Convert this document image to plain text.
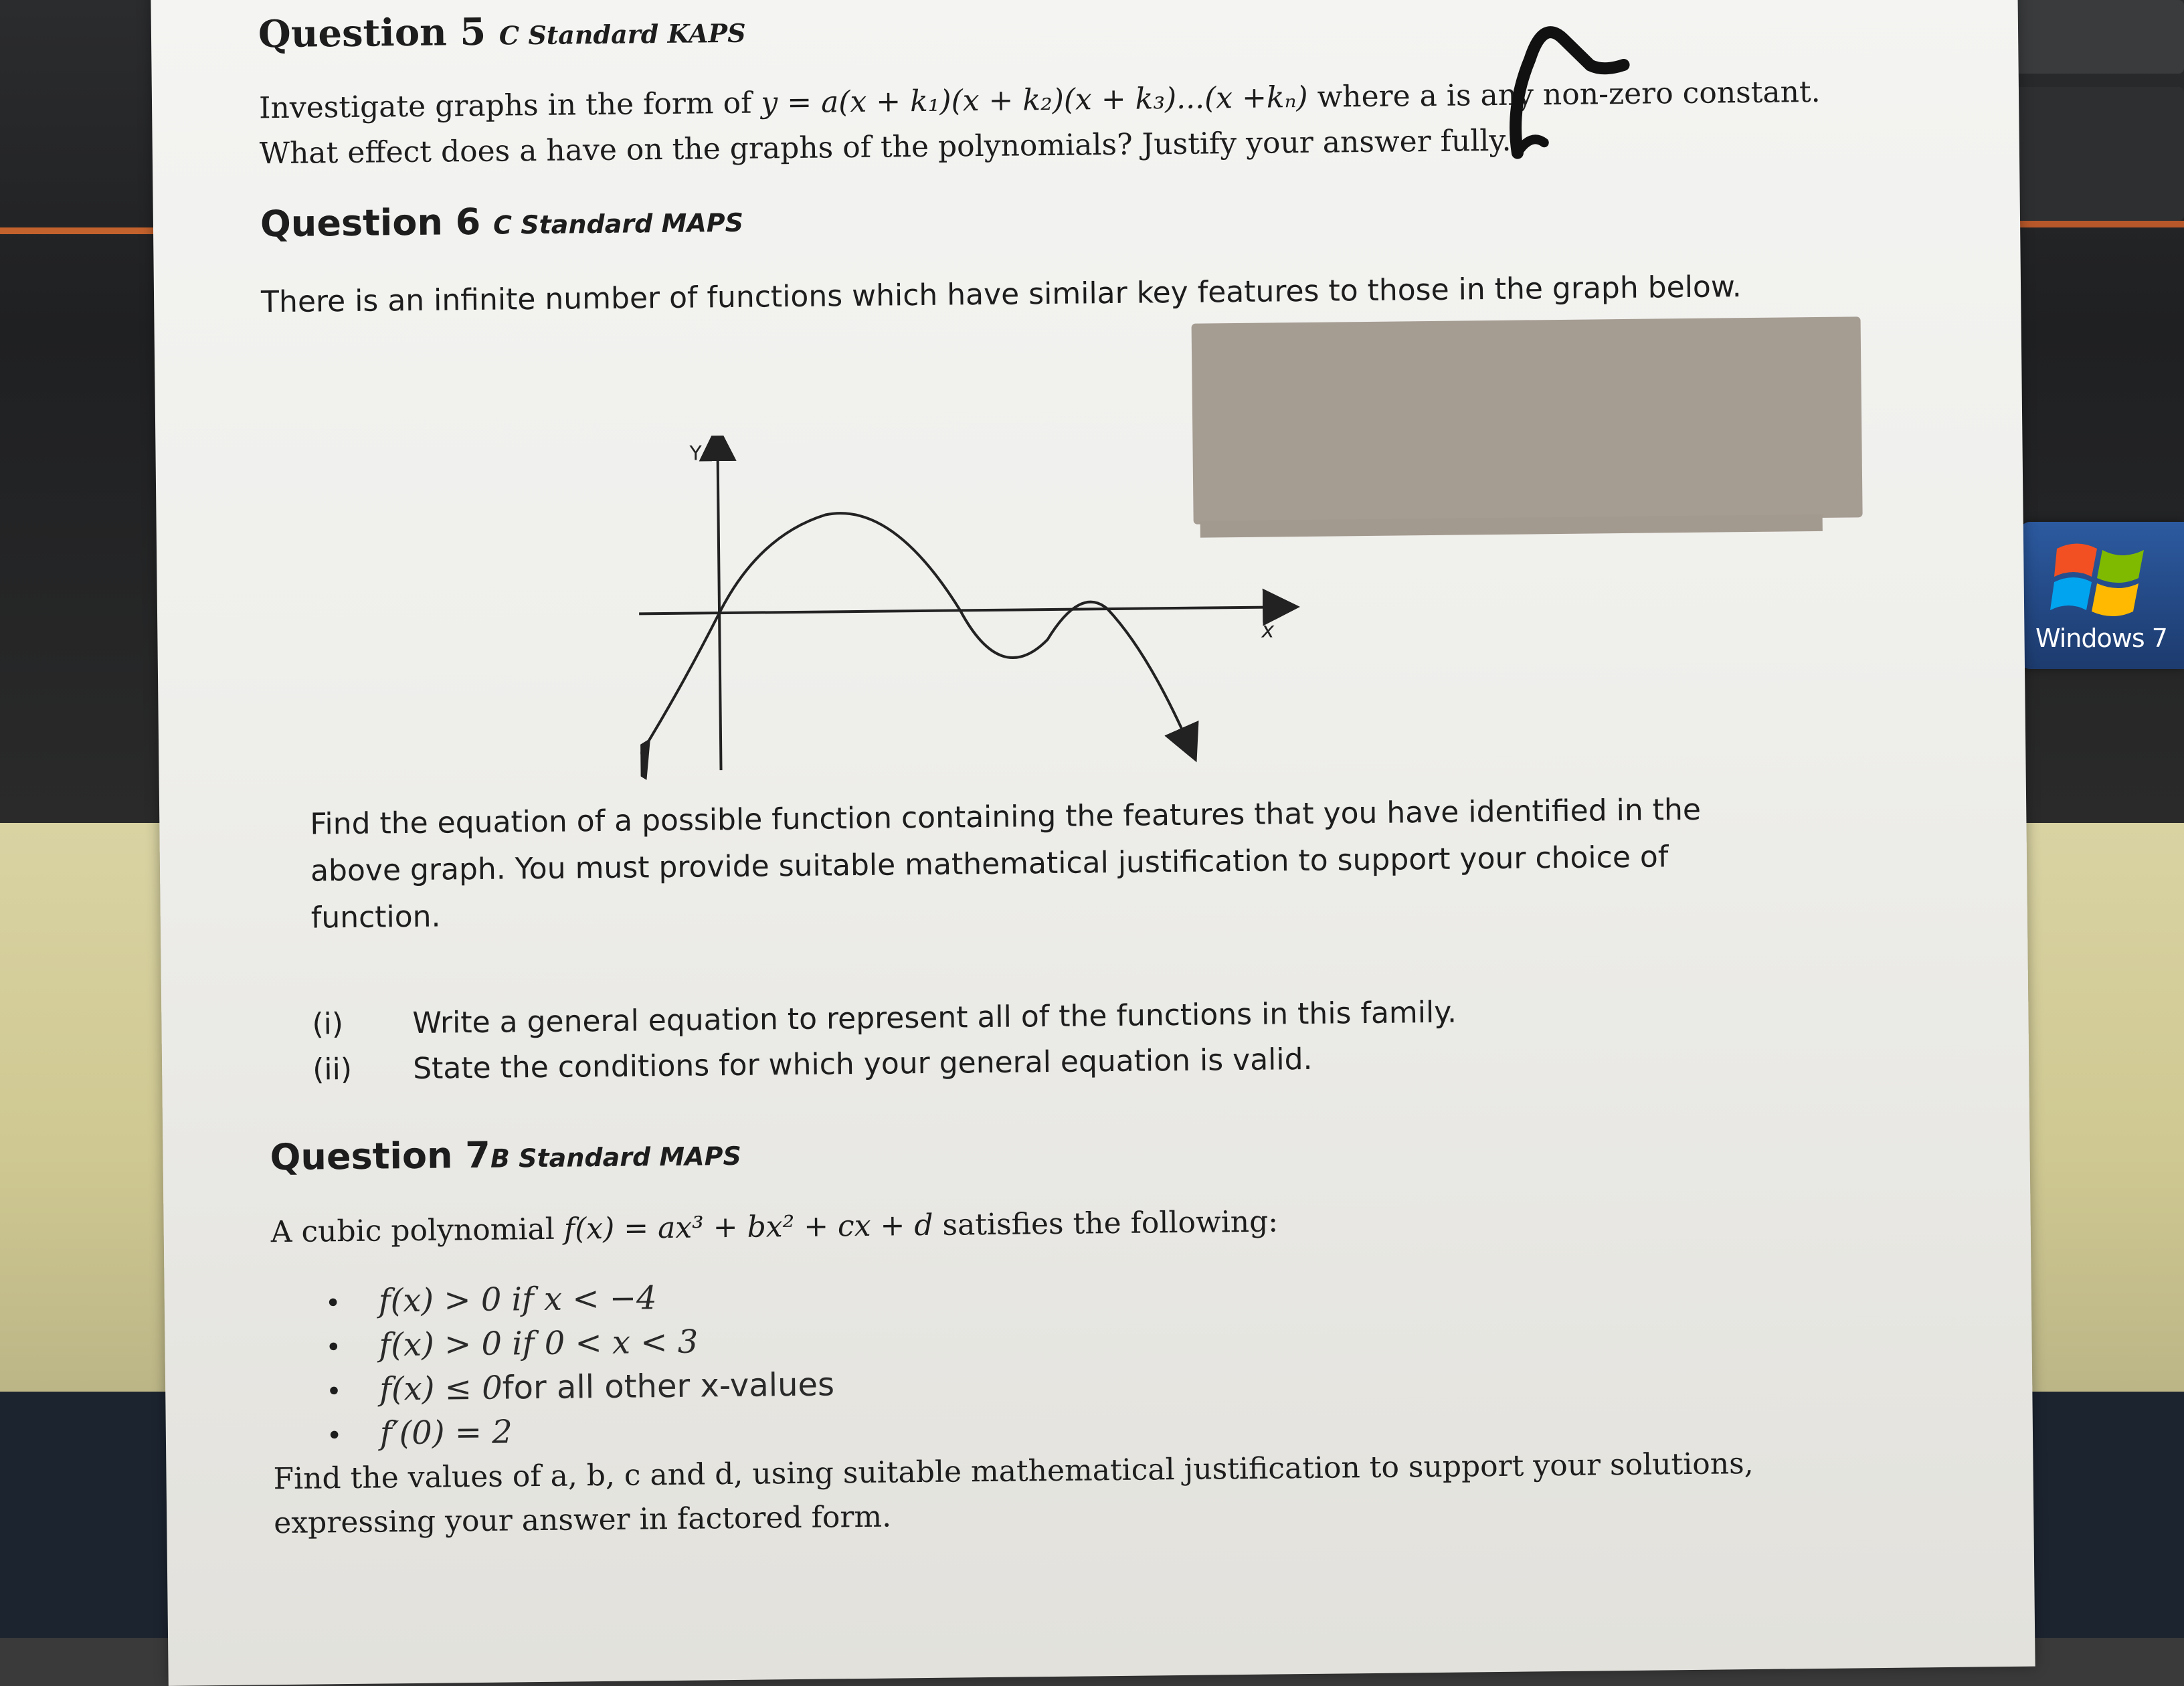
Windows 7
Question 5 C Standard KAPS
Investigate graphs in the form of y = a(x + k₁)(x + k₂)(x + k₃)...(x +kₙ) where a is any non-zero constant.
What effect does a have on the graphs of the polynomials? Justify your answer fully.
Question 6 C Standard MAPS
There is an infinite number of functions which have similar key features to those in the graph below.
Y
x
Find the equation of a possible function containing the features that you have identified in the
above graph. You must provide suitable mathematical justification to support your choice of
function.
(i)	Write a general equation to represent all of the functions in this family.
(ii)	State the conditions for which your general equation is valid.
Question 7B Standard MAPS
A cubic polynomial f(x) = ax³ + bx² + cx + d satisfies the following:
•	f(x) > 0 if x < −4
•	f(x) > 0 if 0 < x < 3
•	f(x) ≤ 0 for all other x-values
•	f′(0) = 2
Find the values of a, b, c and d, using suitable mathematical justification to support your solutions,
expressing your answer in factored form.
